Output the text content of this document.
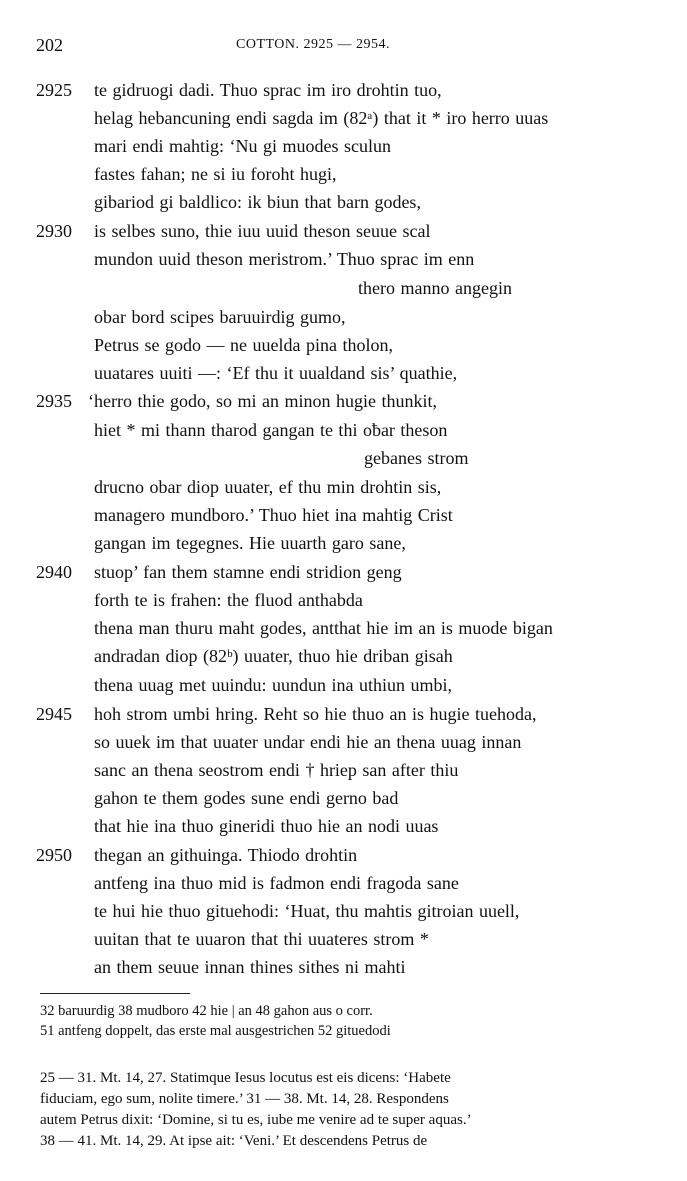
202	COTTON. 2925 — 2954.
2925 te gidruogi dadi. Thuo sprac im iro drohtin tuo,
helag hebancuning endi sagda im (82ᵃ) that it * iro herro uuas
mari endi mahtig: ‘Nu gi muodes sculun
fastes fahan; ne si iu foroht hugi,
gibariod gi baldlico: ik biun that barn godes,
2930 is selbes suno, thie iuu uuid theson seuue scal
mundon uuid theson meristrom.’ Thuo sprac im enn
thero manno angegin
obar bord scipes baruuirdig gumo,
Petrus se godo — ne uuelda pina tholon,
uuatares uuiti —: ‘Ef thu it uualdand sis’ quathie,
2935 ‘herro thie godo, so mi an minon hugie thunkit,
hiet * mi thann tharod gangan te thi oƀar theson
gebanes strom
drucno obar diop uuater, ef thu min drohtin sis,
managero mundboro.’ Thuo hiet ina mahtig Crist
gangan im tegegnes. Hie uuarth garo sane,
2940 stuop’ fan them stamne endi stridion geng
forth te is frahen: the fluod anthabda
thena man thuru maht godes, antthat hie im an is muode bigan
andradan diop (82ᵇ) uuater, thuo hie driban gisah
thena uuag met uuindu: uundun ina uthiun umbi,
2945 hoh strom umbi hring. Reht so hie thuo an is hugie tuehoda,
so uuek im that uuater undar endi hie an thena uuag innan
sanc an thena seostrom endi † hriep san after thiu
gahon te them godes sune endi gerno bad
that hie ina thuo gineridi thuo hie an nodi uuas
2950 thegan an githuinga. Thiodo drohtin
antfeng ina thuo mid is fadmon endi fragoda sane
te hui hie thuo gituehodi: ‘Huat, thu mahtis gitroian uuell,
uuitan that te uuaron that thi uuateres strom *
an them seuue innan thines sithes ni mahti
32 baruurdig 38 mudboro 42 hie | an 48 gahon aus o corr.
51 antfeng doppelt, das erste mal ausgestrichen 52 gituedodi
25 — 31. Mt. 14, 27. Statimque Iesus locutus est eis dicens: ‘Habete
fiduciam, ego sum, nolite timere.’ 31 — 38. Mt. 14, 28. Respondens
autem Petrus dixit: ‘Domine, si tu es, iube me venire ad te super aquas.’
38 — 41. Mt. 14, 29. At ipse ait: ‘Veni.’ Et descendens Petrus de
